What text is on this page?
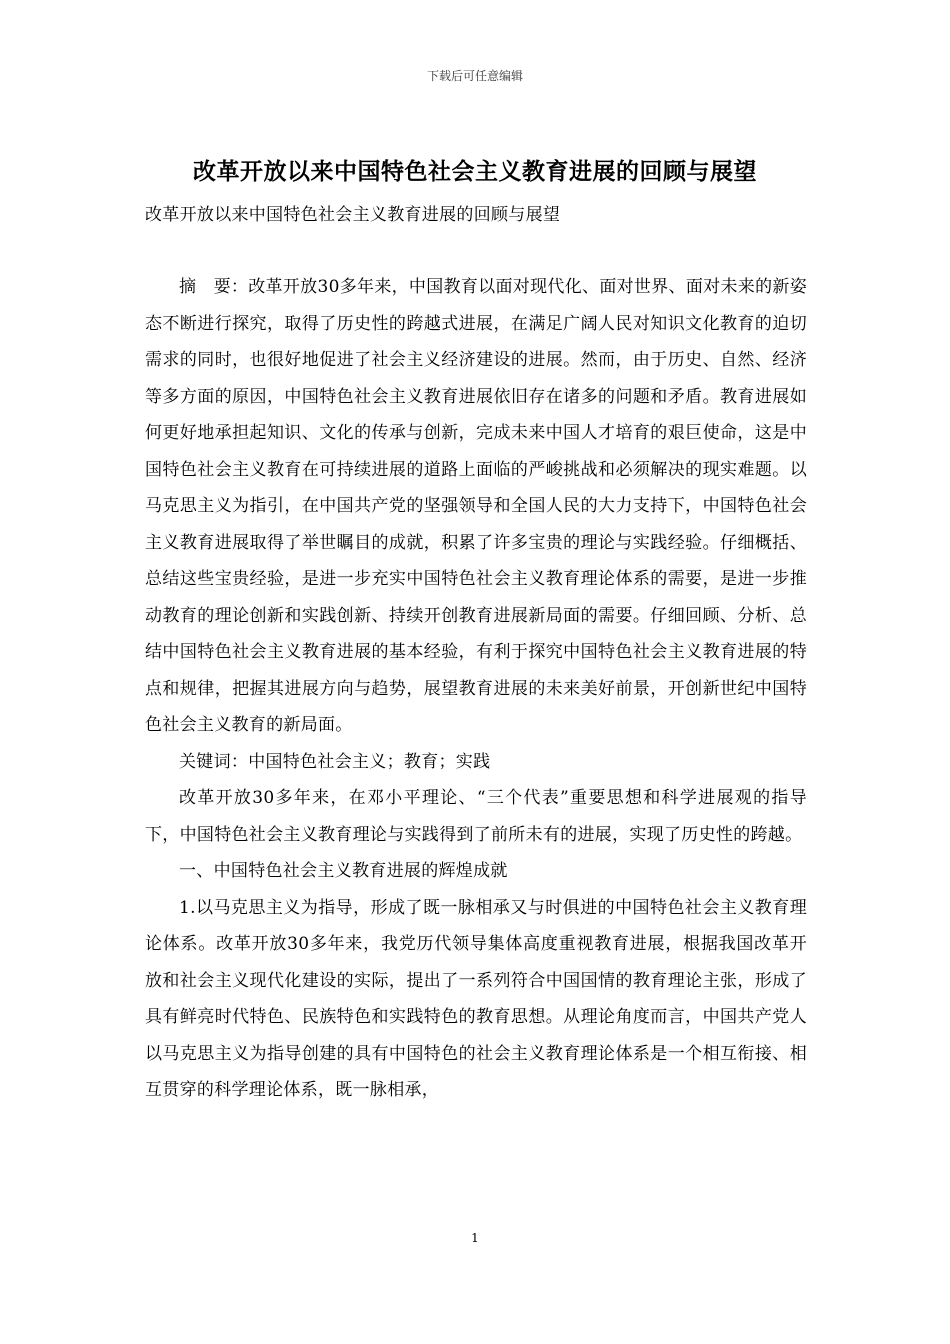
下载后可任意编辑
改革开放以来中国特色社会主义教育进展的回顾与展望
改革开放以来中国特色社会主义教育进展的回顾与展望

摘　要：改革开放30多年来，中国教育以面对现代化、面对世界、面对未来的新姿态不断进行探究，取得了历史性的跨越式进展，在满足广阔人民对知识文化教育的迫切需求的同时，也很好地促进了社会主义经济建设的进展。然而，由于历史、自然、经济等多方面的原因，中国特色社会主义教育进展依旧存在诸多的问题和矛盾。教育进展如何更好地承担起知识、文化的传承与创新，完成未来中国人才培育的艰巨使命，这是中国特色社会主义教育在可持续进展的道路上面临的严峻挑战和必须解决的现实难题。以马克思主义为指引，在中国共产党的坚强领导和全国人民的大力支持下，中国特色社会主义教育进展取得了举世瞩目的成就，积累了许多宝贵的理论与实践经验。仔细概括、总结这些宝贵经验，是进一步充实中国特色社会主义教育理论体系的需要，是进一步推动教育的理论创新和实践创新、持续开创教育进展新局面的需要。仔细回顾、分析、总结中国特色社会主义教育进展的基本经验，有利于探究中国特色社会主义教育进展的特点和规律，把握其进展方向与趋势，展望教育进展的未来美好前景，开创新世纪中国特色社会主义教育的新局面。

关键词：中国特色社会主义；教育；实践

改革开放30多年来，在邓小平理论、“三个代表”重要思想和科学进展观的指导下，中国特色社会主义教育理论与实践得到了前所未有的进展，实现了历史性的跨越。

一、中国特色社会主义教育进展的辉煌成就

1.以马克思主义为指导，形成了既一脉相承又与时俱进的中国特色社会主义教育理论体系。改革开放30多年来，我党历代领导集体高度重视教育进展，根据我国改革开放和社会主义现代化建设的实际，提出了一系列符合中国国情的教育理论主张，形成了具有鲜亮时代特色、民族特色和实践特色的教育思想。从理论角度而言，中国共产党人以马克思主义为指导创建的具有中国特色的社会主义教育理论体系是一个相互衔接、相互贯穿的科学理论体系，既一脉相承，

1
